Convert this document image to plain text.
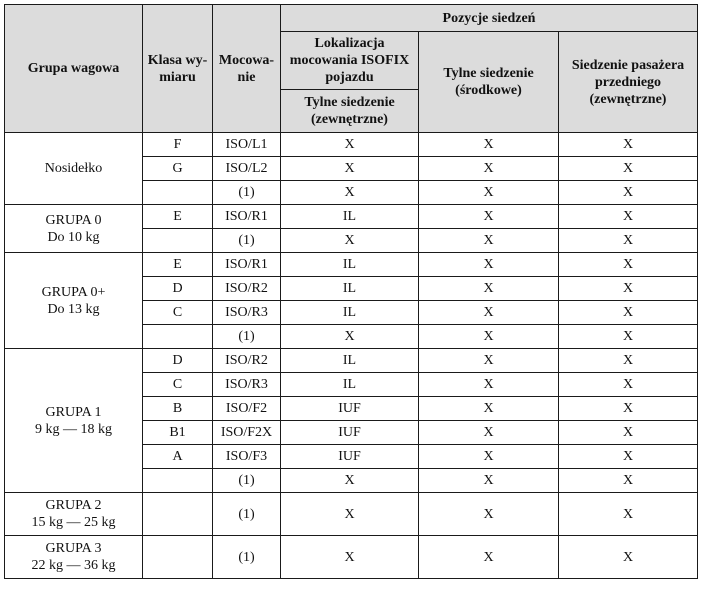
Grupa wagowa	Klasa wy-miaru	Mocowa-nie	Pozycje siedzeń		
			Lokalizacja mocowania ISOFIX pojazdu	Tylne siedzenie (środkowe)	Siedzenie pasażera przedniego (zewnętrzne)
			Tylne siedzenie (zewnętrzne)		

Nosidełko	F	ISO/L1	X	X	X
	G	ISO/L2	X	X	X
		(1)	X	X	X

GRUPA 0
Do 10 kg	E	ISO/R1	IL	X	X
		(1)	X	X	X

GRUPA 0+
Do 13 kg	E	ISO/R1	IL	X	X
	D	ISO/R2	IL	X	X
	C	ISO/R3	IL	X	X
		(1)	X	X	X

GRUPA 1
9 kg — 18 kg	D	ISO/R2	IL	X	X
	C	ISO/R3	IL	X	X
	B	ISO/F2	IUF	X	X
	B1	ISO/F2X	IUF	X	X
	A	ISO/F3	IUF	X	X
		(1)	X	X	X

GRUPA 2
15 kg — 25 kg		(1)	X	X	X

GRUPA 3
22 kg — 36 kg		(1)	X	X	X
